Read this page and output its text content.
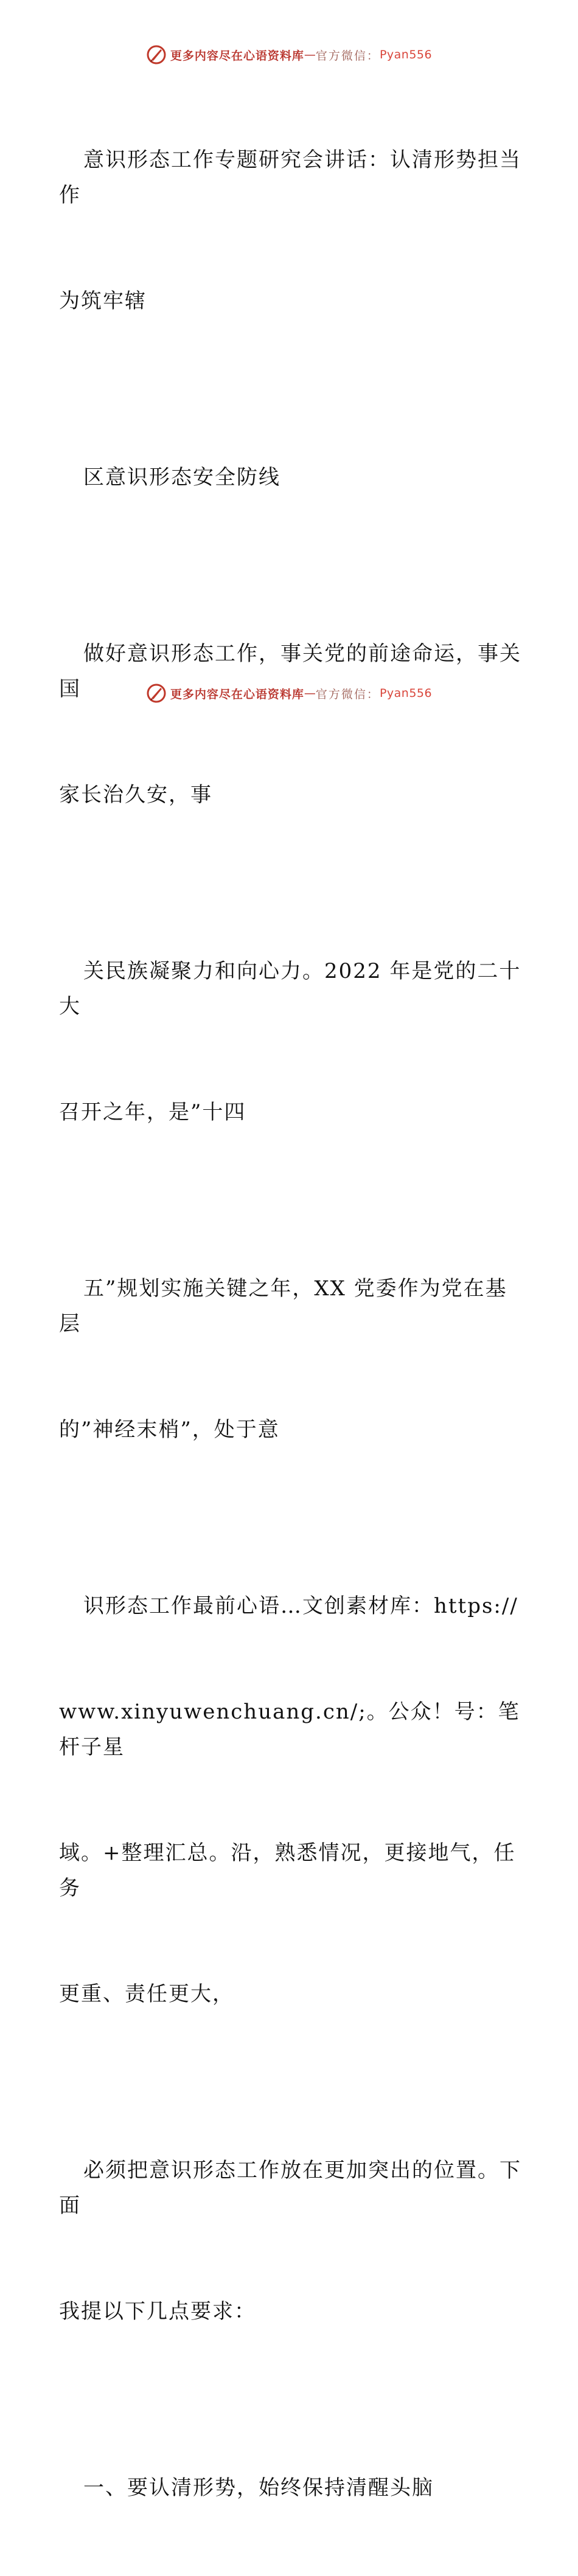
更多内容尽在心语资料库 — 官方微信： Pyan556

意识形态工作专题研究会讲话：认清形势担当作

为筑牢辖

区意识形态安全防线

做好意识形态工作，事关党的前途命运，事关国

家长治久安，事

关民族凝聚力和向心力。2022 年是党的二十大

召开之年，是”十四

五”规划实施关键之年，XX 党委作为党在基层

的”神经末梢”，处于意

识形态工作最前心语…文创素材库：https://

www.xinyuwenchuang.cn/;。公众！号：笔杆子星

域。+整理汇总。沿，熟悉情况，更接地气，任务

更重、责任更大，

必须把意识形态工作放在更加突出的位置。下面

我提以下几点要求：

一、要认清形势，始终保持清醒头脑

更多内容尽在心语资料库 — 官方微信： Pyan556
